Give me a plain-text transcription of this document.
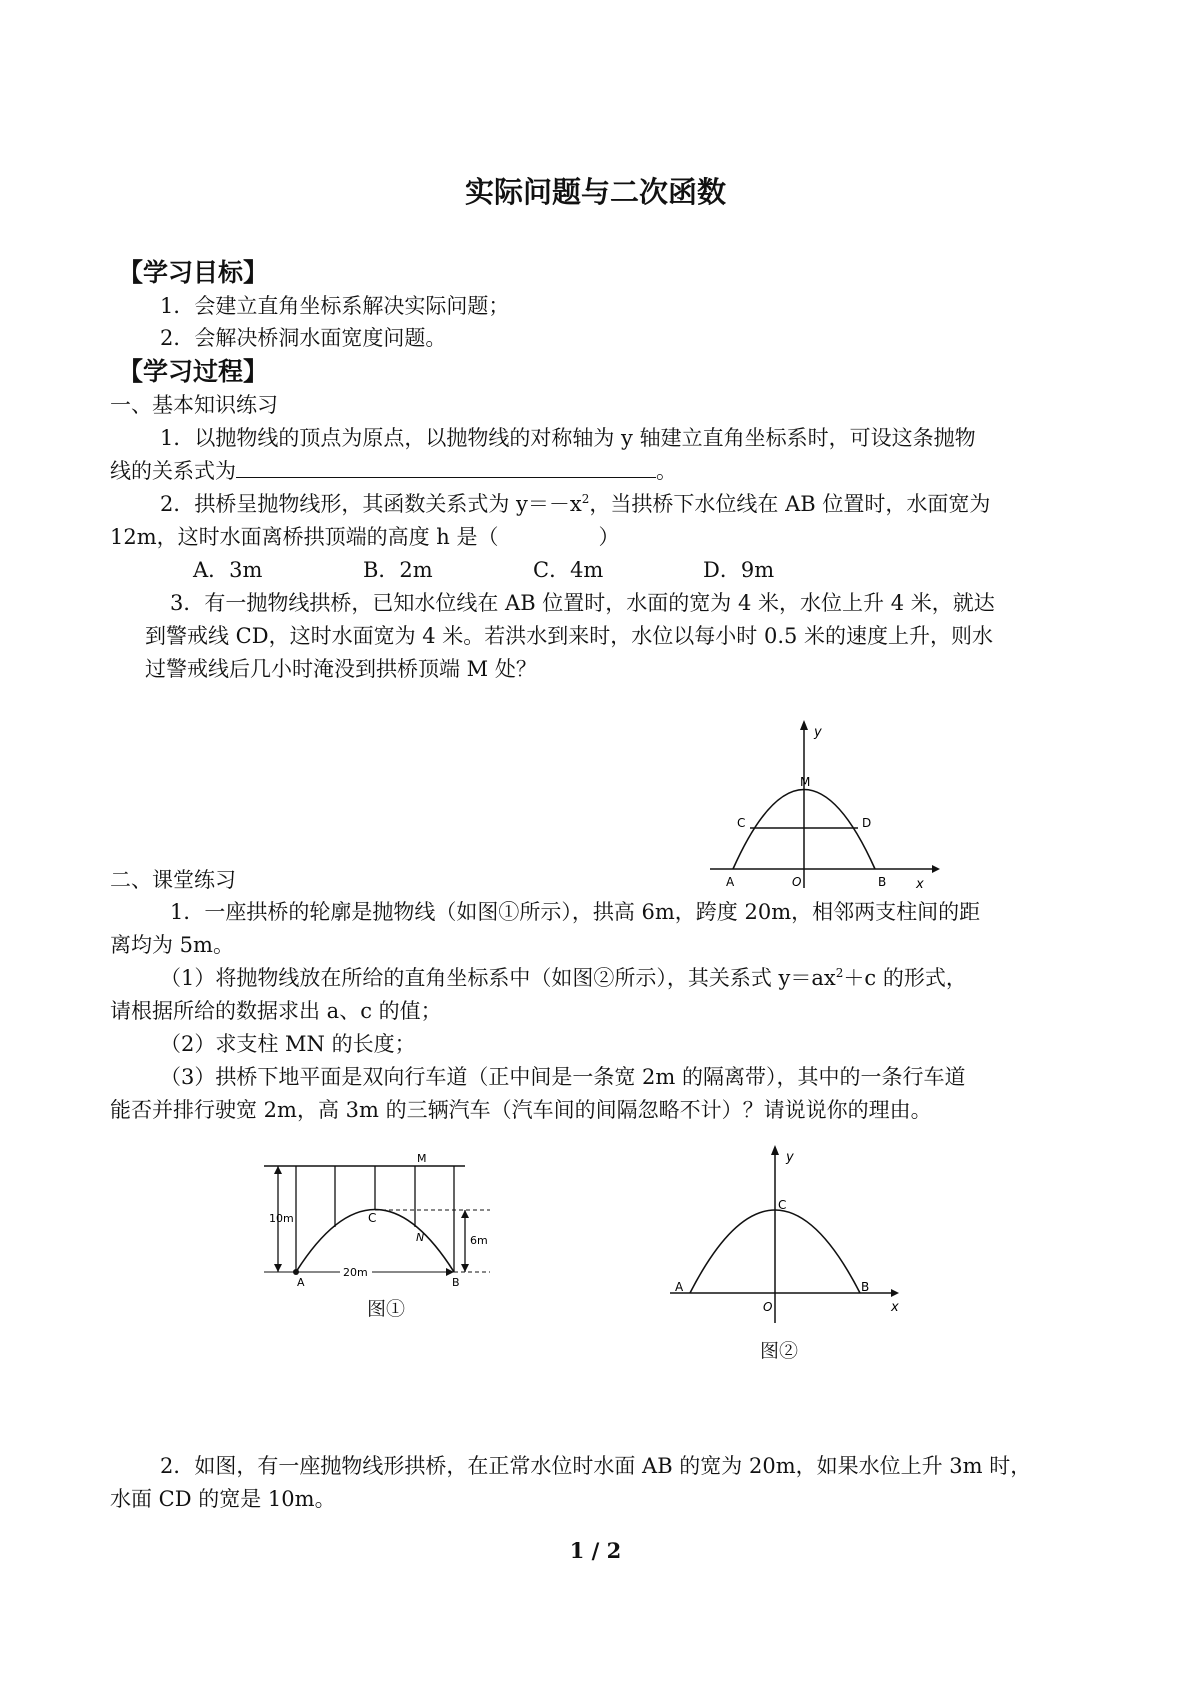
实际问题与二次函数
【学习目标】
1．会建立直角坐标系解决实际问题；
2．会解决桥洞水面宽度问题。
【学习过程】
一、基本知识练习
1．以抛物线的顶点为原点，以抛物线的对称轴为 y 轴建立直角坐标系时，可设这条抛物
线的关系式为	。
2．拱桥呈抛物线形，其函数关系式为 $y=-x^2$，当拱桥下水位线在 AB 位置时，水面宽为
12m，这时水面离桥拱顶端的高度 h 是（	）
A．3m	B．2m	C．4m	D．9m
3．有一抛物线拱桥，已知水位线在 AB 位置时，水面的宽为 4 米，水位上升 4 米，就达
到警戒线 CD，这时水面宽为 4 米。若洪水到来时，水位以每小时 0.5 米的速度上升，则水
过警戒线后几小时淹没到拱桥顶端 M 处？
y
x
M
C	D
A	B
O
二、课堂练习
1．一座拱桥的轮廓是抛物线（如图①所示），拱高 6m，跨度 20m，相邻两支柱间的距
离均为 5m。
（1）将抛物线放在所给的直角坐标系中（如图②所示），其关系式 $y=ax^2+c$ 的形式，
请根据所给的数据求出 a、c 的值；
（2）求支柱 MN 的长度；
（3）拱桥下地平面是双向行车道（正中间是一条宽 2m 的隔离带），其中的一条行车道
能否并排行驶宽 2m，高 3m 的三辆汽车（汽车间的间隔忽略不计）？请说说你的理由。
10m
6m
20m
M
C
N
A	B
图①
y
x
C
A	B
O
图②
2．如图，有一座抛物线形拱桥，在正常水位时水面 AB 的宽为 20m，如果水位上升 3m 时，
水面 CD 的宽是 10m。
1 / 2
